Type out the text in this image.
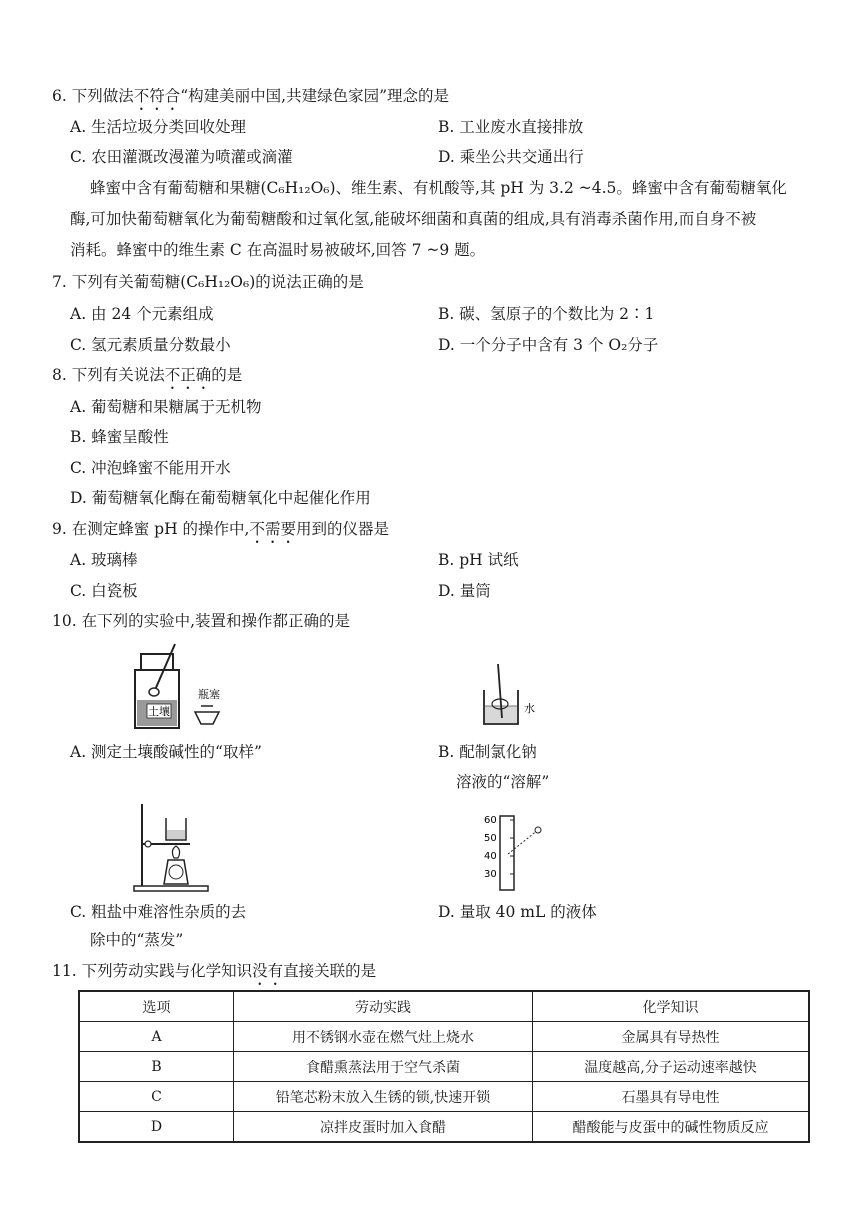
6. 下列做法不符合“构建美丽中国,共建绿色家园”理念的是
A. 生活垃圾分类回收处理	B. 工业废水直接排放
C. 农田灌溉改漫灌为喷灌或滴灌	D. 乘坐公共交通出行
蜂蜜中含有葡萄糖和果糖(C₆H₁₂O₆)、维生素、有机酸等,其 pH 为 3.2 ~4.5。蜂蜜中含有葡萄糖氧化
酶,可加快葡萄糖氧化为葡萄糖酸和过氧化氢,能破坏细菌和真菌的组成,具有消毒杀菌作用,而自身不被
消耗。蜂蜜中的维生素 C 在高温时易被破坏,回答 7 ~9 题。
7. 下列有关葡萄糖(C₆H₁₂O₆)的说法正确的是
A. 由 24 个元素组成	B. 碳、氢原子的个数比为 2∶1
C. 氢元素质量分数最小	D. 一个分子中含有 3 个 O₂分子
8. 下列有关说法不正确的是
A. 葡萄糖和果糖属于无机物
B. 蜂蜜呈酸性
C. 冲泡蜂蜜不能用开水
D. 葡萄糖氧化酶在葡萄糖氧化中起催化作用
9. 在测定蜂蜜 pH 的操作中,不需要用到的仪器是
A. 玻璃棒	B. pH 试纸
C. 白瓷板	D. 量筒
10. 在下列的实验中,装置和操作都正确的是
土壤
瓶塞
A. 测定土壤酸碱性的“取样”
水
B. 配制氯化钠
溶液的“溶解”
C. 粗盐中难溶性杂质的去
除中的“蒸发”
60
50
40
30
D. 量取 40 mL 的液体
11. 下列劳动实践与化学知识没有直接关联的是
选项	劳动实践	化学知识
A	用不锈钢水壶在燃气灶上烧水	金属具有导热性
B	食醋熏蒸法用于空气杀菌	温度越高,分子运动速率越快
C	铅笔芯粉末放入生锈的锁,快速开锁	石墨具有导电性
D	凉拌皮蛋时加入食醋	醋酸能与皮蛋中的碱性物质反应
